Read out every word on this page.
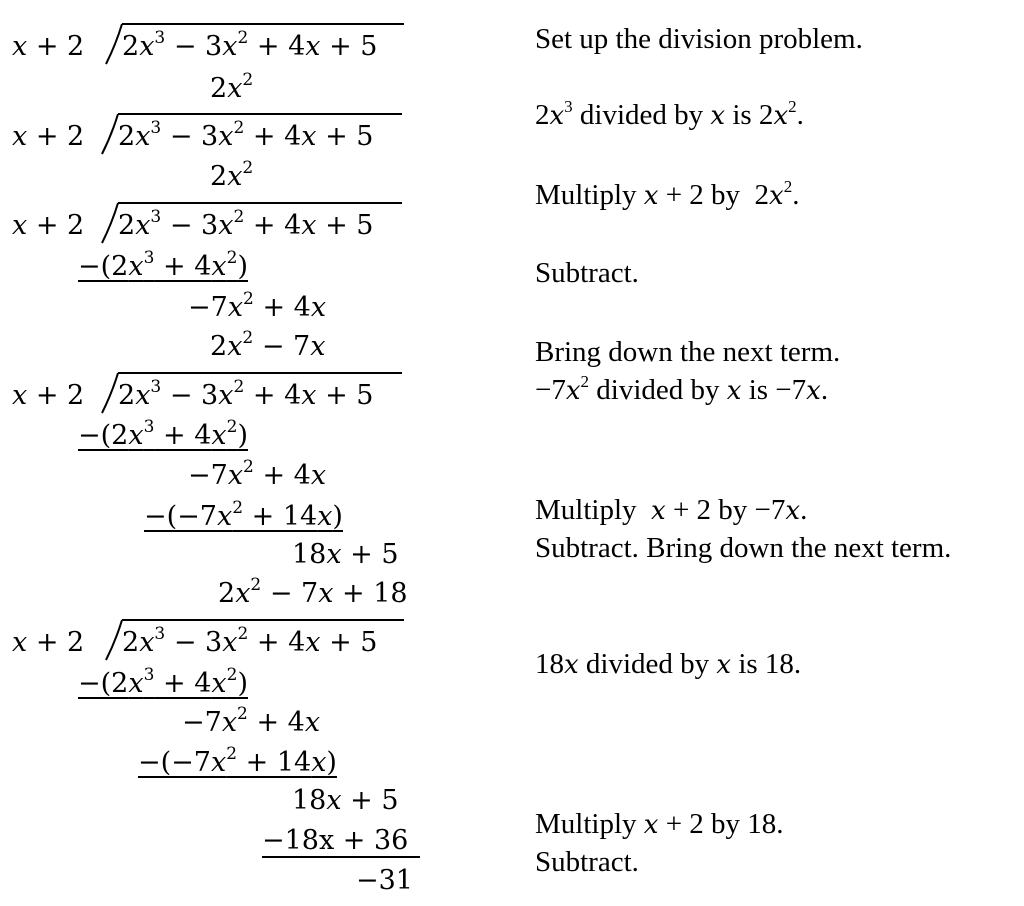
x + 2 $2x^3 - 3x^2 + 4x + 5$	Set up the division problem.
$2x^2$
x + 2 $2x^3 - 3x^2 + 4x + 5$
$2x^3$ divided by x is $2x^2$.
$2x^2$
x + 2 $2x^3 - 3x^2 + 4x + 5$
$-(2x^3 + 4x^2)$
$-7x^2 + 4x$
Multiply x + 2 by  $2x^2$.
Subtract.
$2x^2 - 7x$
x + 2 $2x^3 - 3x^2 + 4x + 5$
$-(2x^3 + 4x^2)$
$-7x^2 + 4x$
$-(-7x^2 + 14x)$
18x + 5
Bring down the next term.
$-7x^2$ divided by x is −7x.
Multiply  x + 2 by −7x.
Subtract. Bring down the next term.
$2x^2 - 7x + 18$
x + 2 $2x^3 - 3x^2 + 4x + 5$
$-(2x^3 + 4x^2)$
$-7x^2 + 4x$
$-(-7x^2 + 14x)$
18x + 5
−18x + 36
−31
18x divided by x is 18.
Multiply x + 2 by 18.
Subtract.
